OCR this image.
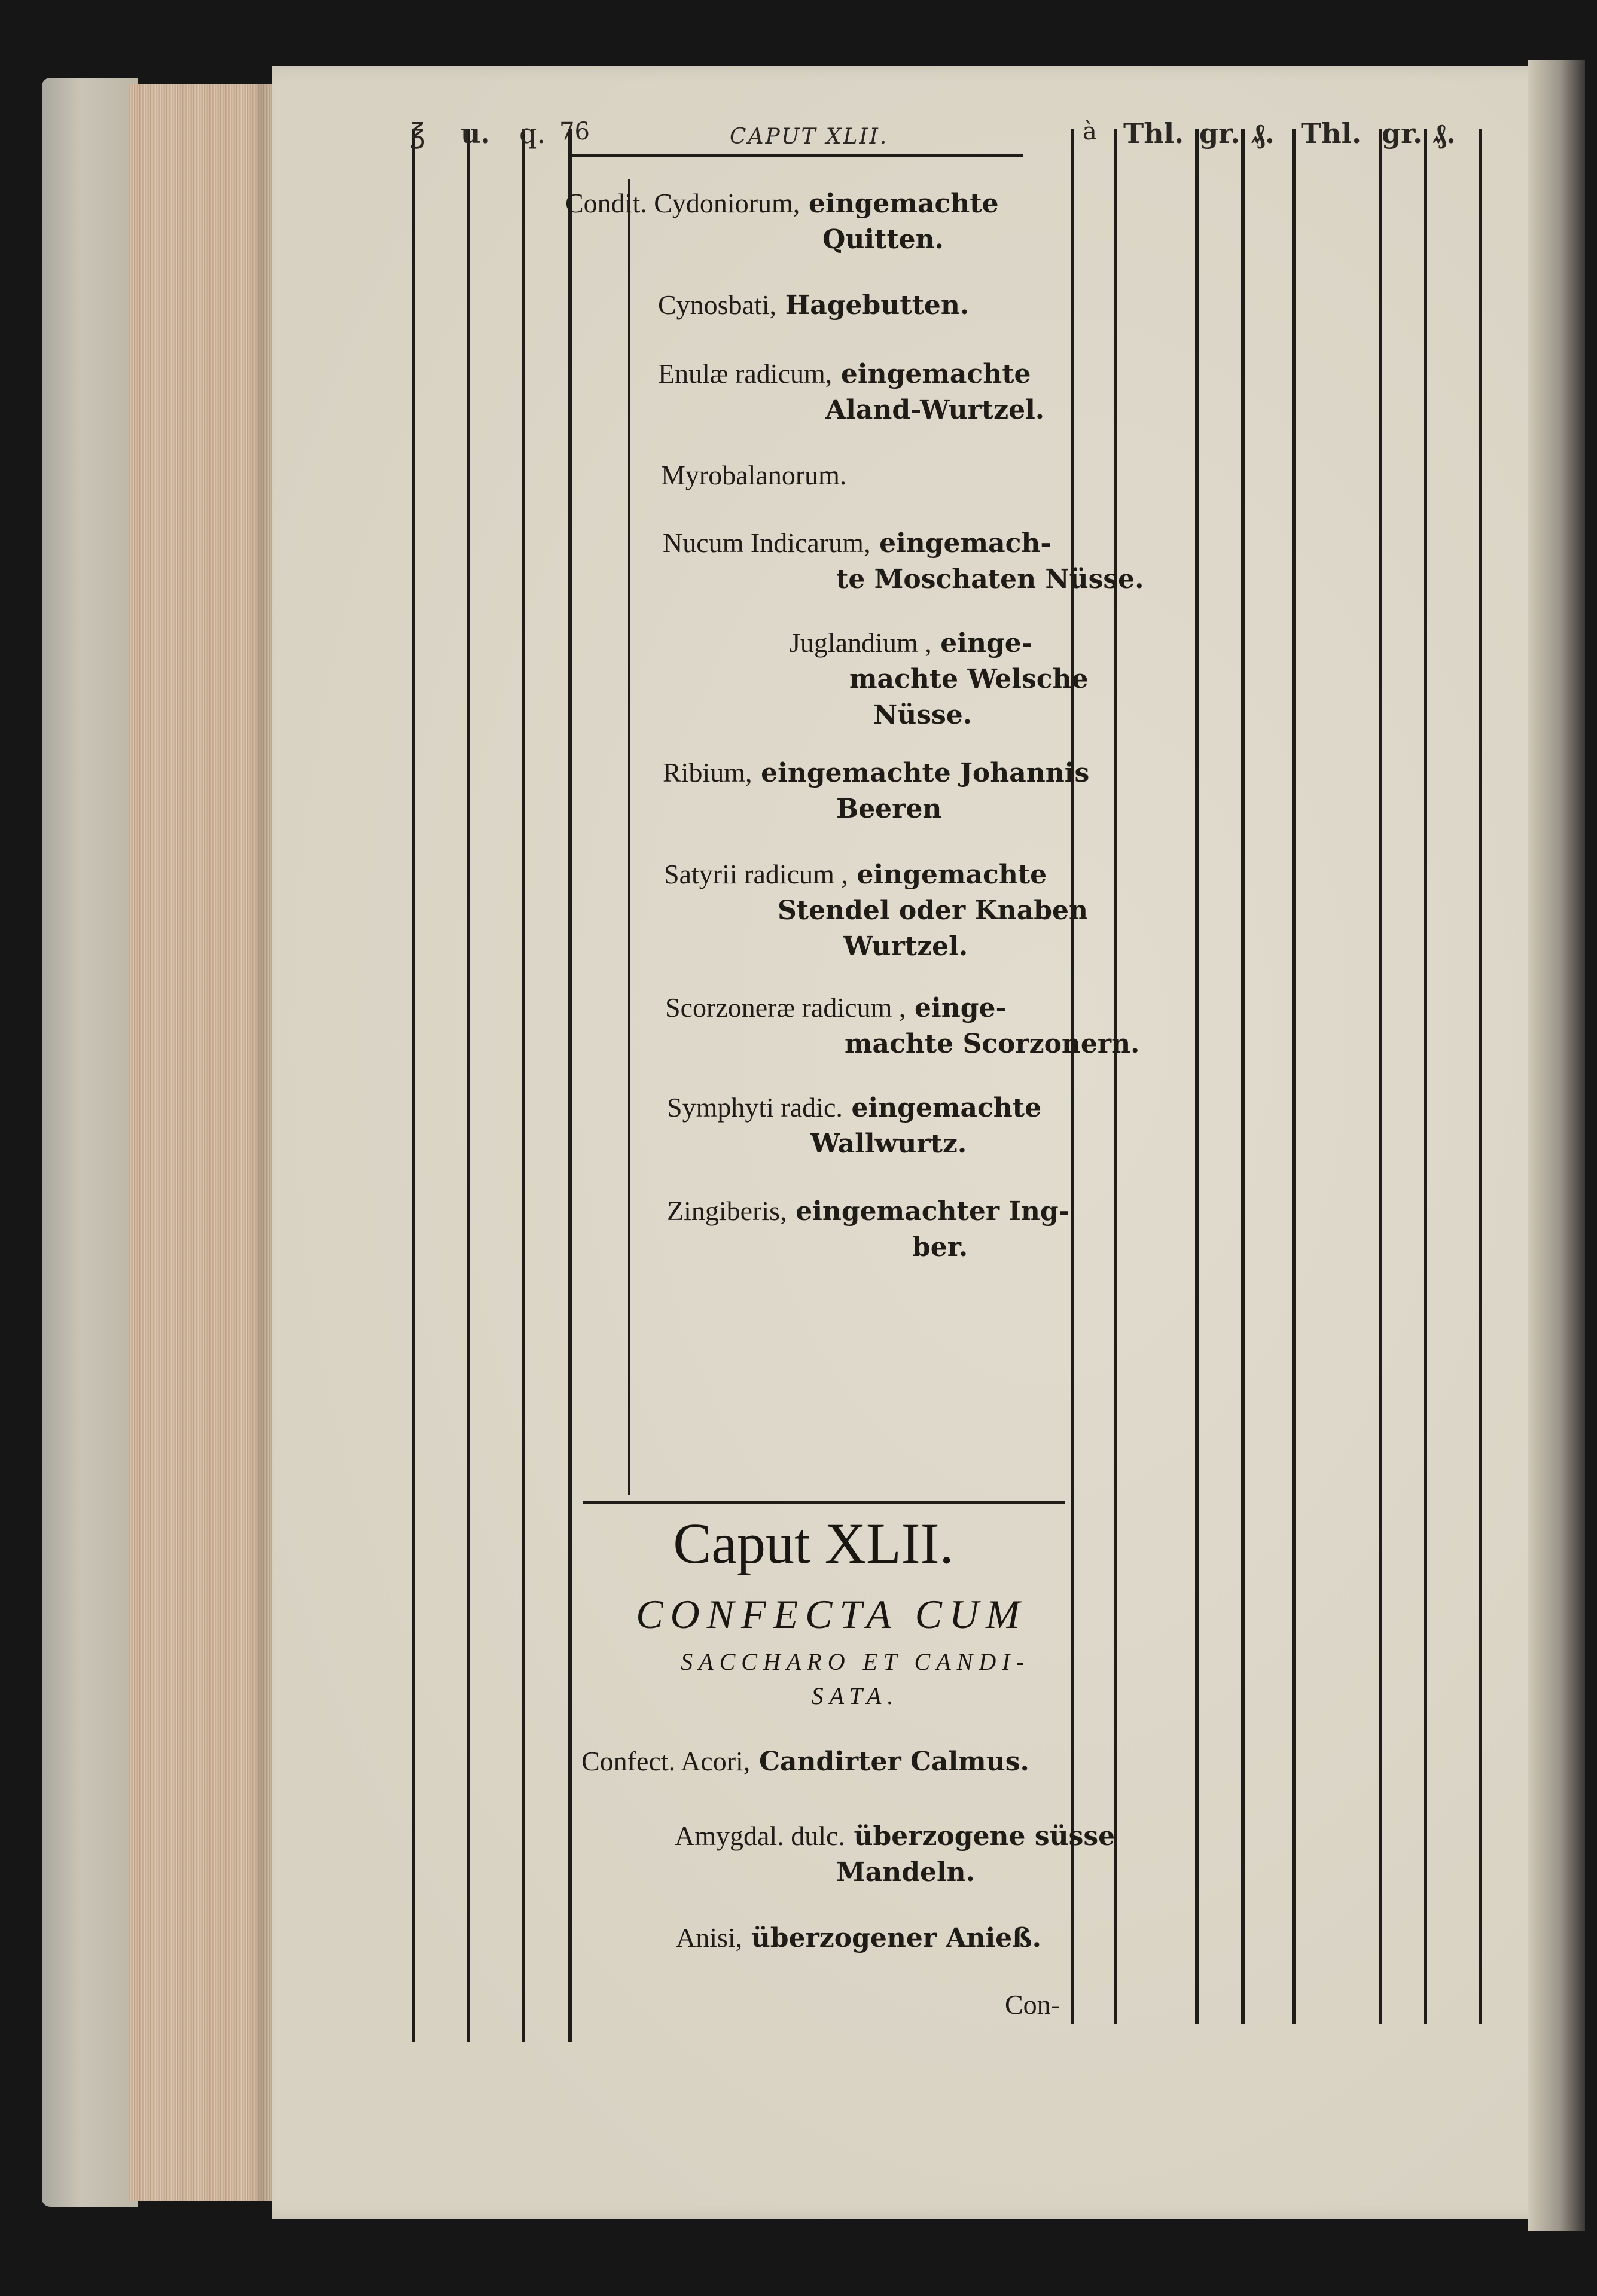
℥ u. q. 76	CAPUT XLII.	à Thl. gr. ₰. Thl. gr. ₰.
Condit. Cydoniorum, eingemachte
Quitten.
Cynosbati, Hagebutten.
Enulæ radicum, eingemachte
Aland-Wurtzel.
Myrobalanorum.
Nucum Indicarum, eingemach-
te Moschaten Nüsse.
Juglandium , einge-
machte Welsche
Nüsse.
Ribium, eingemachte Johannis
Beeren
Satyrii radicum , eingemachte
Stendel oder Knaben
Wurtzel.
Scorzoneræ radicum , einge-
machte Scorzonern.
Symphyti radic. eingemachte
Wallwurtz.
Zingiberis, eingemachter Ing-
ber.
Caput XLII.
CONFECTA CUM
SACCHARO ET CANDI-
SATA.
Confect. Acori, Candirter Calmus.
Amygdal. dulc. überzogene süsse
Mandeln.
Anisi, überzogener Anieß.
Con-
